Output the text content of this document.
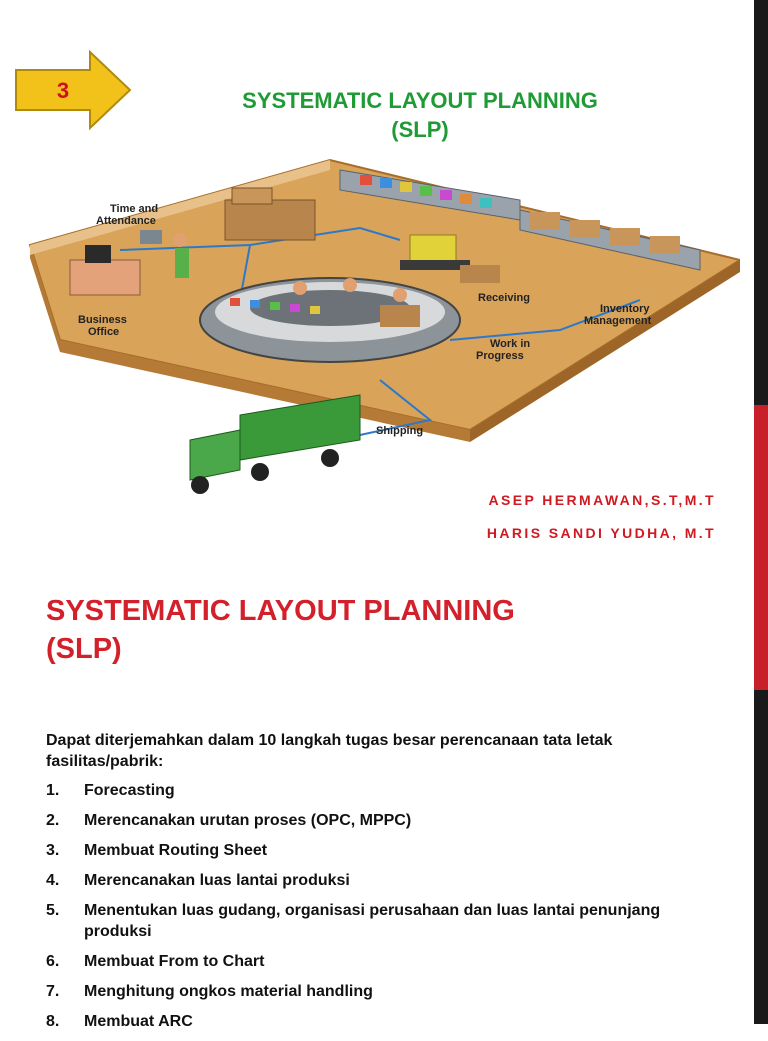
3	SYSTEMATIC LAYOUT PLANNING
(SLP)
Time and
Attendance
Business
Office
Receiving
Inventory
Management
Work in
Progress
Shipping
ASEP HERMAWAN,S.T,M.T
HARIS SANDI YUDHA, M.T
SYSTEMATIC LAYOUT PLANNING
(SLP)
Dapat diterjemahkan dalam 10 langkah tugas besar perencanaan tata letak fasilitas/pabrik:
1.	Forecasting
2.	Merencanakan urutan proses (OPC, MPPC)
3.	Membuat Routing Sheet
4.	Merencanakan luas lantai produksi
5.	Menentukan luas gudang, organisasi perusahaan dan luas lantai penunjang produksi
6.	Membuat From to Chart
7.	Menghitung ongkos material handling
8.	Membuat ARC
